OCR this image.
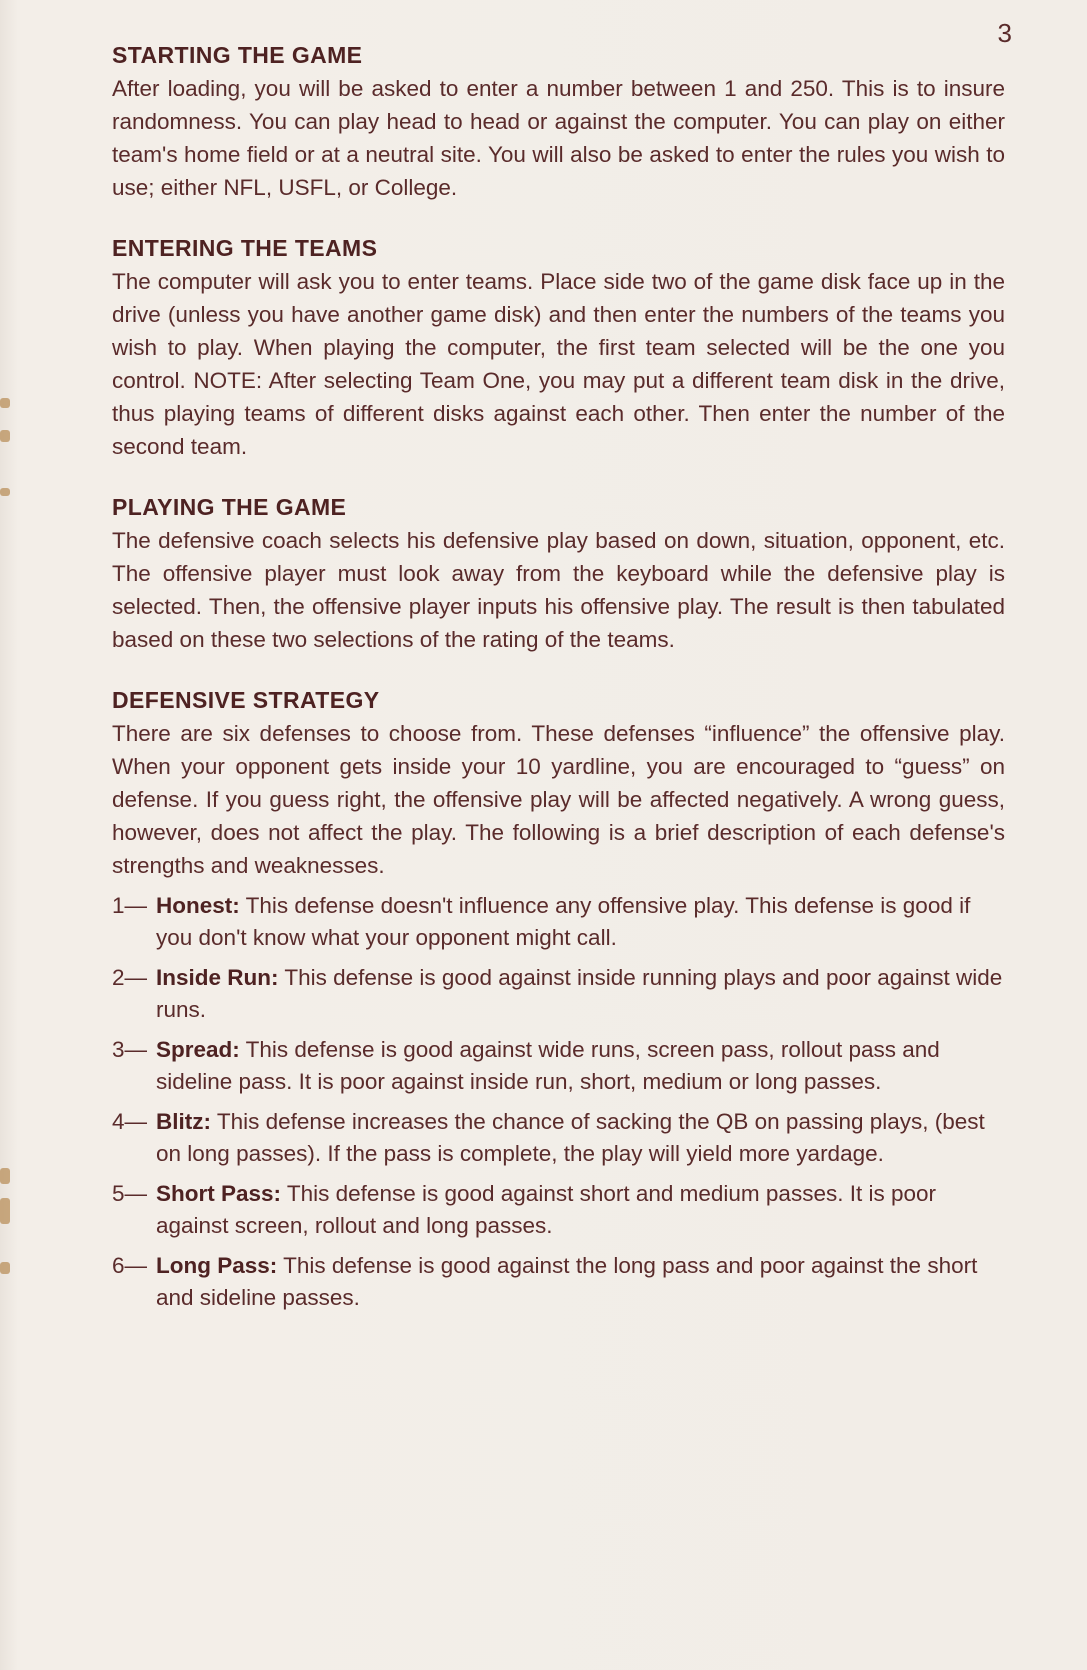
3
STARTING THE GAME
After loading, you will be asked to enter a number between 1 and 250. This is to insure randomness. You can play head to head or against the computer. You can play on either team's home field or at a neutral site. You will also be asked to enter the rules you wish to use; either NFL, USFL, or College.
ENTERING THE TEAMS
The computer will ask you to enter teams. Place side two of the game disk face up in the drive (unless you have another game disk) and then enter the numbers of the teams you wish to play. When playing the computer, the first team selected will be the one you control. NOTE: After selecting Team One, you may put a different team disk in the drive, thus playing teams of different disks against each other. Then enter the number of the second team.
PLAYING THE GAME
The defensive coach selects his defensive play based on down, situation, opponent, etc. The offensive player must look away from the keyboard while the defensive play is selected. Then, the offensive player inputs his offensive play. The result is then tabulated based on these two selections of the rating of the teams.
DEFENSIVE STRATEGY
There are six defenses to choose from. These defenses “influence” the offensive play. When your opponent gets inside your 10 yardline, you are encouraged to “guess” on defense. If you guess right, the offensive play will be affected negatively. A wrong guess, however, does not affect the play. The following is a brief description of each defense's strengths and weaknesses.
1— Honest: This defense doesn't influence any offensive play. This defense is good if you don't know what your opponent might call.
2— Inside Run: This defense is good against inside running plays and poor against wide runs.
3— Spread: This defense is good against wide runs, screen pass, rollout pass and sideline pass. It is poor against inside run, short, medium or long passes.
4— Blitz: This defense increases the chance of sacking the QB on passing plays, (best on long passes). If the pass is complete, the play will yield more yardage.
5— Short Pass: This defense is good against short and medium passes. It is poor against screen, rollout and long passes.
6— Long Pass: This defense is good against the long pass and poor against the short and sideline passes.
